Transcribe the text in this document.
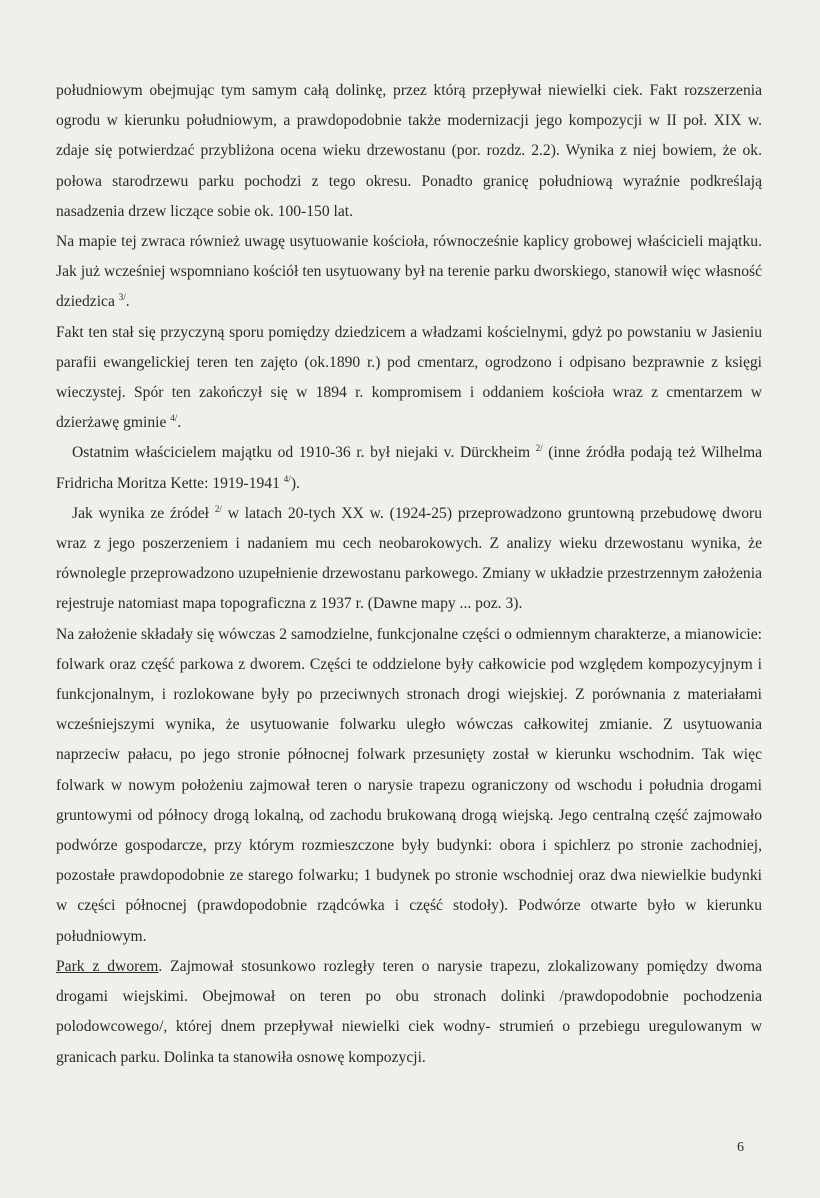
południowym obejmując tym samym całą dolinkę, przez którą przepływał niewielki ciek. Fakt rozszerzenia ogrodu w kierunku południowym, a prawdopodobnie także modernizacji jego kompozycji w II poł. XIX w. zdaje się potwierdzać przybliżona ocena wieku drzewostanu (por. rozdz. 2.2). Wynika z niej bowiem, że ok. połowa starodrzewu parku pochodzi z tego okresu. Ponadto granicę południową wyraźnie podkreślają nasadzenia drzew liczące sobie ok. 100-150 lat.

Na mapie tej zwraca również uwagę usytuowanie kościoła, równocześnie kaplicy grobowej właścicieli majątku. Jak już wcześniej wspomniano kościół ten usytuowany był na terenie parku dworskiego, stanowił więc własność dziedzica $^{3/}$.

Fakt ten stał się przyczyną sporu pomiędzy dziedzicem a władzami kościelnymi, gdyż po powstaniu w Jasieniu parafii ewangelickiej teren ten zajęto (ok.1890 r.) pod cmentarz, ogrodzono i odpisano bezprawnie z księgi wieczystej. Spór ten zakończył się w 1894 r. kompromisem i oddaniem kościoła wraz z cmentarzem w dzierżawę gminie $^{4/}$.

Ostatnim właścicielem majątku od 1910-36 r. był niejaki v. Dürckheim $^{2/}$ (inne źródła podają też Wilhelma Fridricha Moritza Kette: 1919-1941 $^{4/}$).

Jak wynika ze źródeł $^{2/}$ w latach 20-tych XX w. (1924-25) przeprowadzono gruntowną przebudowę dworu wraz z jego poszerzeniem i nadaniem mu cech neobarokowych. Z analizy wieku drzewostanu wynika, że równolegle przeprowadzono uzupełnienie drzewostanu parkowego. Zmiany w układzie przestrzennym założenia rejestruje natomiast mapa topograficzna z 1937 r. (Dawne mapy ... poz. 3).

Na założenie składały się wówczas 2 samodzielne, funkcjonalne części o odmiennym charakterze, a mianowicie: folwark oraz część parkowa z dworem. Części te oddzielone były całkowicie pod względem kompozycyjnym i funkcjonalnym, i rozlokowane były po przeciwnych stronach drogi wiejskiej. Z porównania z materiałami wcześniejszymi wynika, że usytuowanie folwarku uległo wówczas całkowitej zmianie. Z usytuowania naprzeciw pałacu, po jego stronie północnej folwark przesunięty został w kierunku wschodnim. Tak więc folwark w nowym położeniu zajmował teren o narysie trapezu ograniczony od wschodu i południa drogami gruntowymi od północy drogą lokalną, od zachodu brukowaną drogą wiejską. Jego centralną część zajmowało podwórze gospodarcze, przy którym rozmieszczone były budynki: obora i spichlerz po stronie zachodniej, pozostałe prawdopodobnie ze starego folwarku; 1 budynek po stronie wschodniej oraz dwa niewielkie budynki w części północnej (prawdopodobnie rządcówka i część stodoły). Podwórze otwarte było w kierunku południowym.

Park z dworem. Zajmował stosunkowo rozległy teren o narysie trapezu, zlokalizowany pomiędzy dwoma drogami wiejskimi. Obejmował on teren po obu stronach dolinki /prawdopodobnie pochodzenia polodowcowego/, której dnem przepływał niewielki ciek wodny- strumień o przebiegu uregulowanym w granicach parku. Dolinka ta stanowiła osnowę kompozycji.

6
